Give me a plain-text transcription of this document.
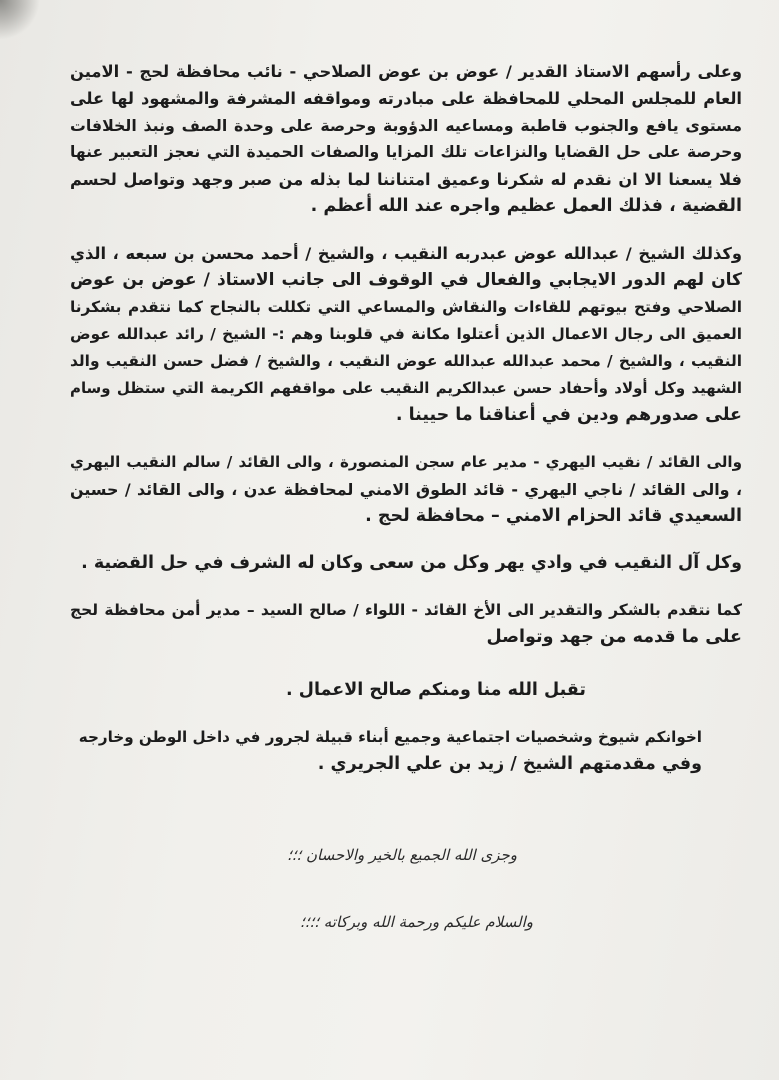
وعلى رأسهم الاستاذ القدير / عوض بن عوض الصلاحي - نائب محافظة لحج - الامين
العام للمجلس المحلي للمحافظة على مبادرته ومواقفه المشرفة والمشهود لها على
مستوى يافع والجنوب قاطبة ومساعيه الدؤوبة وحرصة على وحدة الصف ونبذ الخلافات
وحرصة على حل القضايا والنزاعات تلك المزايا والصفات الحميدة التي نعجز التعبير عنها
فلا يسعنا الا ان نقدم له شكرنا وعميق امتناننا لما بذله من صبر وجهد وتواصل لحسم
القضية ، فذلك العمل عظيم واجره عند الله أعظم .
وكذلك الشيخ / عبدالله عوض عبدربه النقيب ، والشيخ / أحمد محسن بن سبعه ، الذي
كان لهم الدور الايجابي والفعال في الوقوف الى جانب الاستاذ / عوض بن عوض
الصلاحي وفتح بيوتهم للقاءات والنقاش والمساعي التي تكللت بالنجاح كما نتقدم بشكرنا
العميق الى رجال الاعمال الذين أعتلوا مكانة في قلوبنا وهم :- الشيخ / رائد عبدالله عوض
النقيب ، والشيخ / محمد عبدالله عبدالله عوض النقيب ، والشيخ / فضل حسن النقيب والد
الشهيد وكل أولاد وأحفاد حسن عبدالكريم النقيب على مواقفهم الكريمة التي ستظل وسام
على صدورهم ودين في أعناقنا ما حيينا .
والى القائد / نقيب اليهري - مدير عام سجن المنصورة ، والى القائد / سالم النقيب اليهري
، والى القائد / ناجي اليهري - قائد الطوق الامني لمحافظة عدن ، والى القائد / حسين
السعيدي قائد الحزام الامني – محافظة لحج .
وكل آل النقيب في وادي يهر وكل من سعى وكان له الشرف في حل القضية .
كما نتقدم بالشكر والتقدير الى الأخ القائد - اللواء / صالح السيد – مدير أمن محافظة لحج
على ما قدمه من جهد وتواصل
تقبل الله منا ومنكم صالح الاعمال .
اخوانكم شيوخ وشخصيات اجتماعية وجميع أبناء قبيلة لجرور في داخل الوطن وخارجه
وفي مقدمتهم الشيخ / زيد بن علي الجريري .
وجزى الله الجميع بالخير والاحسان ؛؛؛
والسلام عليكم ورحمة الله وبركاته ؛؛؛؛
